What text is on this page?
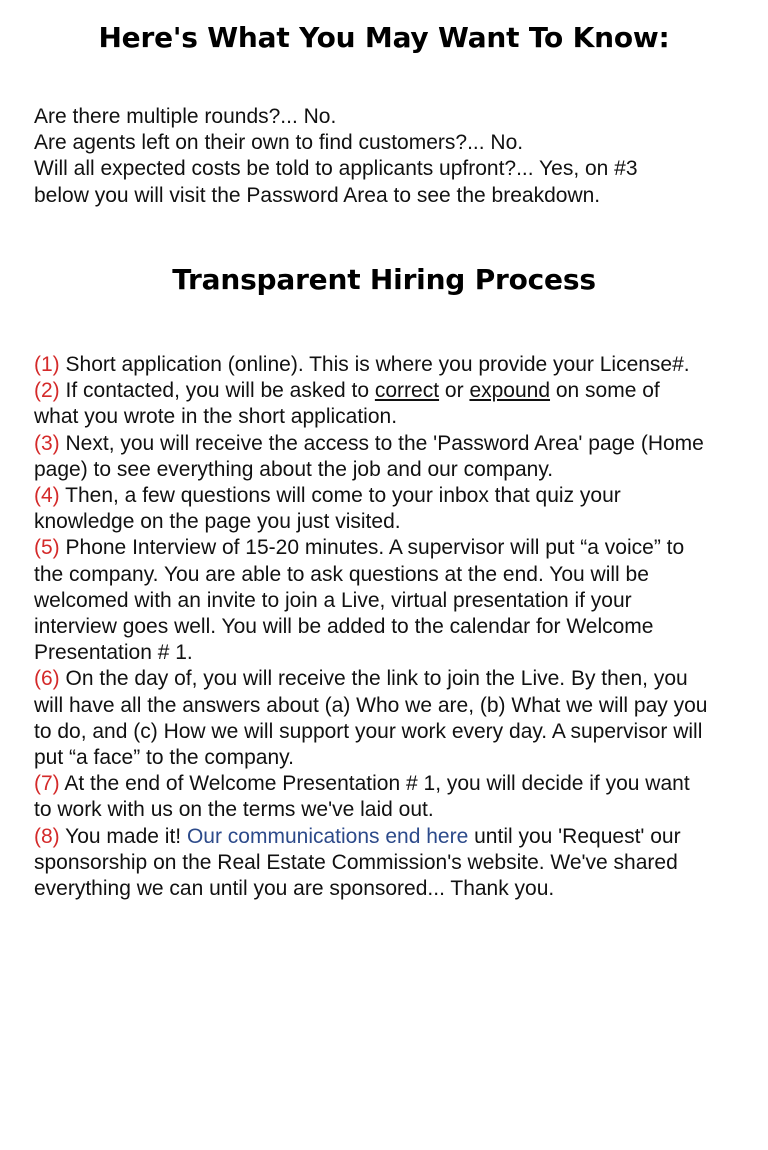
Here's What You May Want To Know:
Are there multiple rounds?... No.
Are agents left on their own to find customers?... No.
Will all expected costs be told to applicants upfront?... Yes, on #3
below you will visit the Password Area to see the breakdown.
Transparent Hiring Process
(1) Short application (online). This is where you provide your License#.
(2) If contacted, you will be asked to correct or expound on some of
what you wrote in the short application.
(3) Next, you will receive the access to the 'Password Area' page (Home
page) to see everything about the job and our company.
(4) Then, a few questions will come to your inbox that quiz your
knowledge on the page you just visited.
(5) Phone Interview of 15-20 minutes. A supervisor will put “a voice” to
the company. You are able to ask questions at the end. You will be
welcomed with an invite to join a Live, virtual presentation if your
interview goes well. You will be added to the calendar for Welcome
Presentation # 1.
(6) On the day of, you will receive the link to join the Live. By then, you
will have all the answers about (a) Who we are, (b) What we will pay you
to do, and (c) How we will support your work every day. A supervisor will
put “a face” to the company.
(7) At the end of Welcome Presentation # 1, you will decide if you want
to work with us on the terms we've laid out.
(8) You made it! Our communications end here until you 'Request' our
sponsorship on the Real Estate Commission's website. We've shared
everything we can until you are sponsored... Thank you.
